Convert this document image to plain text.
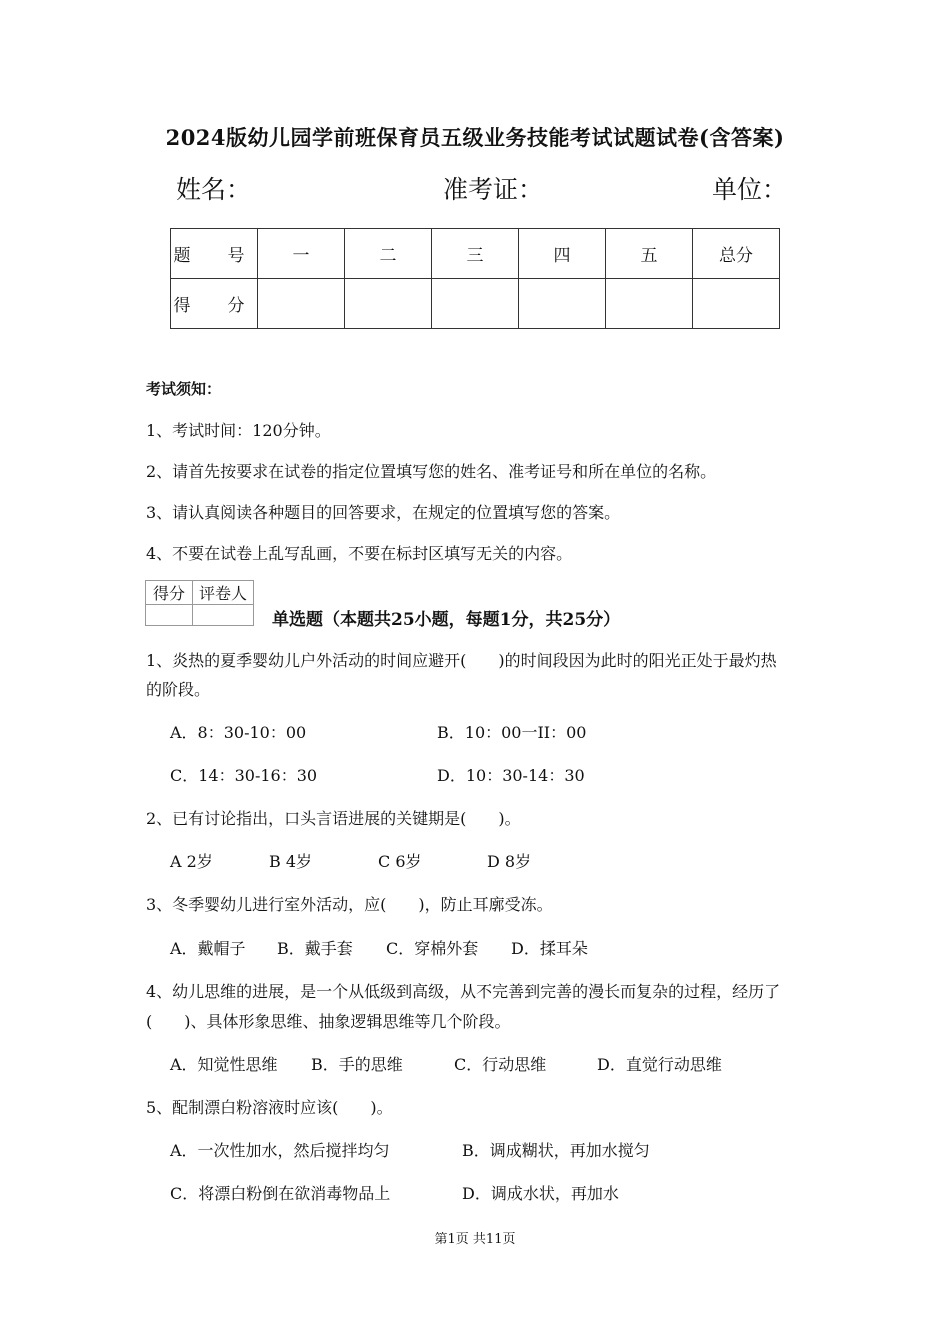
2024版幼儿园学前班保育员五级业务技能考试试题试卷(含答案)
姓名：	准考证：	单位：
题　号	一	二	三	四	五	总分
得　分						
考试须知：
1、考试时间：120分钟。
2、请首先按要求在试卷的指定位置填写您的姓名、准考证号和所在单位的名称。
3、请认真阅读各种题目的回答要求，在规定的位置填写您的答案。
4、不要在试卷上乱写乱画，不要在标封区填写无关的内容。
得分	评卷人

单选题（本题共25小题，每题1分，共25分）
1、炎热的夏季婴幼儿户外活动的时间应避开(　　)的时间段因为此时的阳光正处于最灼热
的阶段。
A．8：30-10：00	B．10：00一II：00
C．14：30-16：30	D．10：30-14：30
2、已有讨论指出，口头言语进展的关键期是(　　)。
A 2岁	B 4岁	C 6岁	D 8岁
3、冬季婴幼儿进行室外活动，应(　　)，防止耳廓受冻。
A．戴帽子 B．戴手套 C．穿棉外套 D．揉耳朵
4、幼儿思维的进展，是一个从低级到高级，从不完善到完善的漫长而复杂的过程，经历了
(　　)、具体形象思维、抽象逻辑思维等几个阶段。
A．知觉性思维 B．手的思维	C．行动思维	D．直觉行动思维
5、配制漂白粉溶液时应该(　　)。
A．一次性加水，然后搅拌均匀	B．调成糊状，再加水搅匀
C．将漂白粉倒在欲消毒物品上	D．调成水状，再加水
第1页 共11页
